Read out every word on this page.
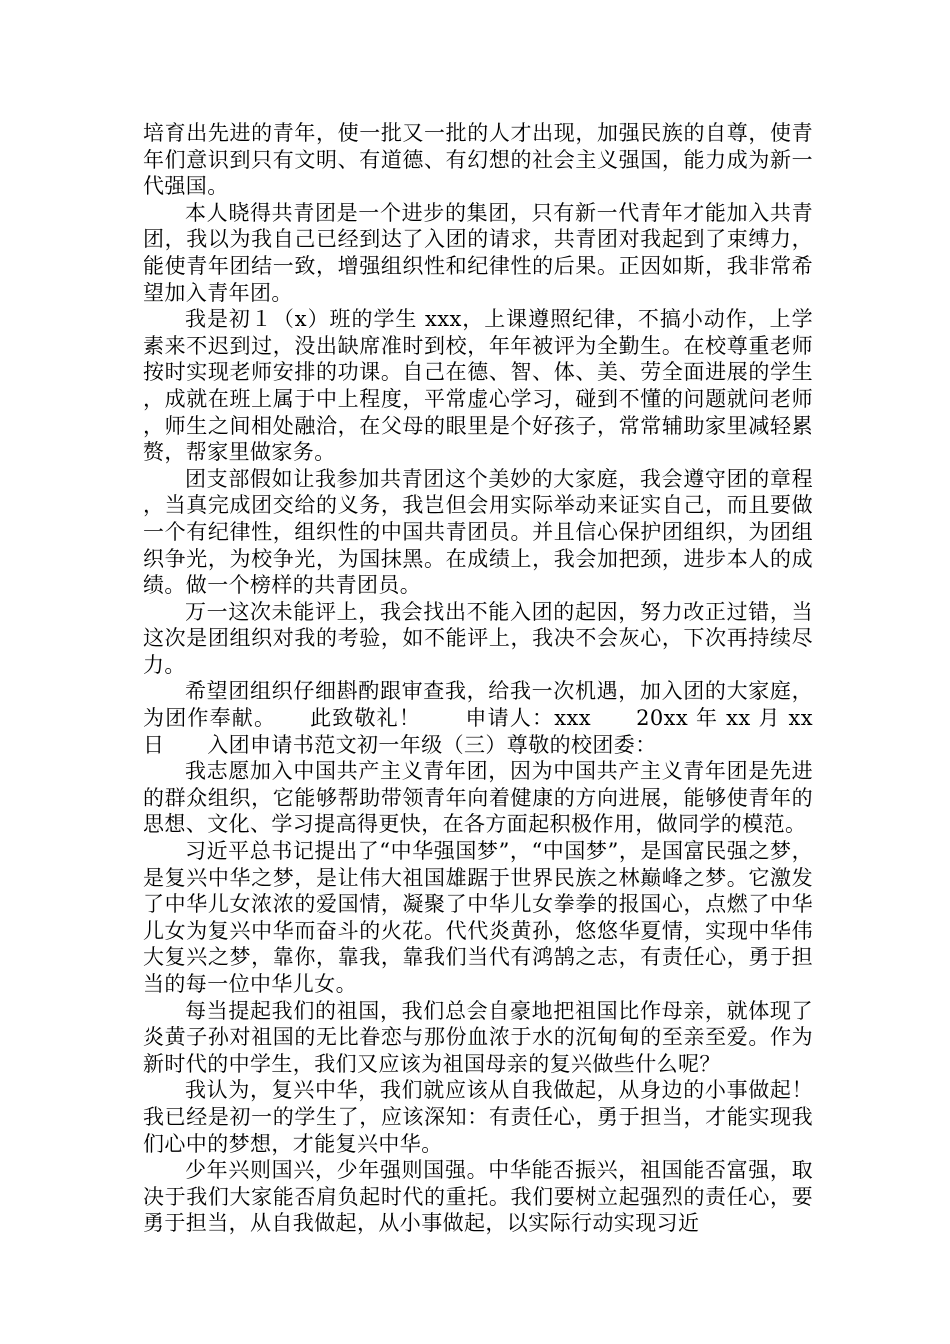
培育出先进的青年，使一批又一批的人才出现，加强民族的自尊，使青年们意识到只有文明、有道德、有幻想的社会主义强国，能力成为新一代强国。

本人晓得共青团是一个进步的集团，只有新一代青年才能加入共青团，我以为我自己已经到达了入团的请求，共青团对我起到了束缚力，能使青年团结一致，增强组织性和纪律性的后果。正因如斯，我非常希望加入青年团。

我是初１（x）班的学生 xxx，上课遵照纪律，不搞小动作，上学素来不迟到过，没出缺席准时到校，年年被评为全勤生。在校尊重老师按时实现老师安排的功课。自己在德、智、体、美、劳全面进展的学生，成就在班上属于中上程度，平常虚心学习，碰到不懂的问题就问老师，师生之间相处融洽，在父母的眼里是个好孩子，常常辅助家里减轻累赘，帮家里做家务。

团支部假如让我参加共青团这个美妙的大家庭，我会遵守团的章程，当真完成团交给的义务，我岂但会用实际举动来证实自己，而且要做一个有纪律性，组织性的中国共青团员。并且信心保护团组织，为团组织争光，为校争光，为国抹黑。在成绩上，我会加把颈，进步本人的成绩。做一个榜样的共青团员。

万一这次未能评上，我会找出不能入团的起因，努力改正过错，当这次是团组织对我的考验，如不能评上，我决不会灰心，下次再持续尽力。

希望团组织仔细斟酌跟审查我，给我一次机遇，加入团的大家庭，为团作奉献。　　此致敬礼！　　申请人：xxx　　20xx 年 xx 月 xx 日　　入团申请书范文初一年级（三）尊敬的校团委：

我志愿加入中国共产主义青年团，因为中国共产主义青年团是先进的群众组织，它能够帮助带领青年向着健康的方向进展，能够使青年的思想、文化、学习提高得更快，在各方面起积极作用，做同学的模范。

习近平总书记提出了“中华强国梦”，“中国梦”，是国富民强之梦，是复兴中华之梦，是让伟大祖国雄踞于世界民族之林巅峰之梦。它激发了中华儿女浓浓的爱国情，凝聚了中华儿女拳拳的报国心，点燃了中华儿女为复兴中华而奋斗的火花。代代炎黄孙，悠悠华夏情，实现中华伟大复兴之梦，靠你，靠我，靠我们当代有鸿鹄之志，有责任心，勇于担当的每一位中华儿女。

每当提起我们的祖国，我们总会自豪地把祖国比作母亲，就体现了炎黄子孙对祖国的无比眷恋与那份血浓于水的沉甸甸的至亲至爱。作为新时代的中学生，我们又应该为祖国母亲的复兴做些什么呢？

我认为，复兴中华，我们就应该从自我做起，从身边的小事做起！我已经是初一的学生了，应该深知：有责任心，勇于担当，才能实现我们心中的梦想，才能复兴中华。

少年兴则国兴，少年强则国强。中华能否振兴，祖国能否富强，取决于我们大家能否肩负起时代的重托。我们要树立起强烈的责任心，要勇于担当，从自我做起，从小事做起，以实际行动实现习近
